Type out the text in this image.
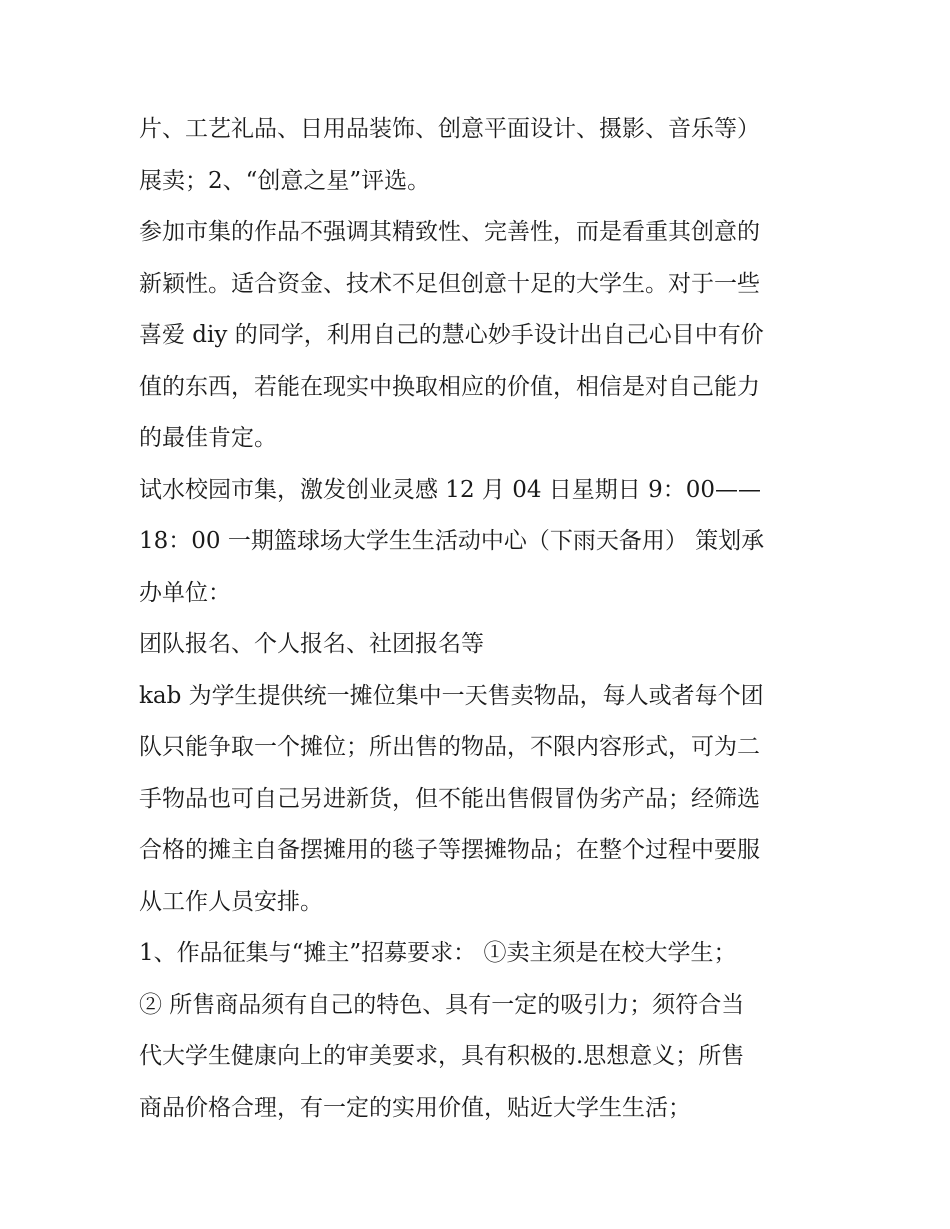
片、工艺礼品、日用品装饰、创意平面设计、摄影、音乐等）

展卖；2、“创意之星”评选。

参加市集的作品不强调其精致性、完善性，而是看重其创意的

新颖性。适合资金、技术不足但创意十足的大学生。对于一些

喜爱 diy 的同学，利用自己的慧心妙手设计出自己心目中有价

值的东西，若能在现实中换取相应的价值，相信是对自己能力

的最佳肯定。

试水校园市集，激发创业灵感 12 月 04 日星期日 9：00——

18：00 一期篮球场大学生生活动中心（下雨天备用） 策划承

办单位：

团队报名、个人报名、社团报名等

kab 为学生提供统一摊位集中一天售卖物品，每人或者每个团

队只能争取一个摊位；所出售的物品，不限内容形式，可为二

手物品也可自己另进新货，但不能出售假冒伪劣产品；经筛选

合格的摊主自备摆摊用的毯子等摆摊物品；在整个过程中要服

从工作人员安排。

1、作品征集与“摊主”招募要求： ①卖主须是在校大学生；

② 所售商品须有自己的特色、具有一定的吸引力；须符合当

代大学生健康向上的审美要求，具有积极的.思想意义；所售

商品价格合理，有一定的实用价值，贴近大学生生活；
